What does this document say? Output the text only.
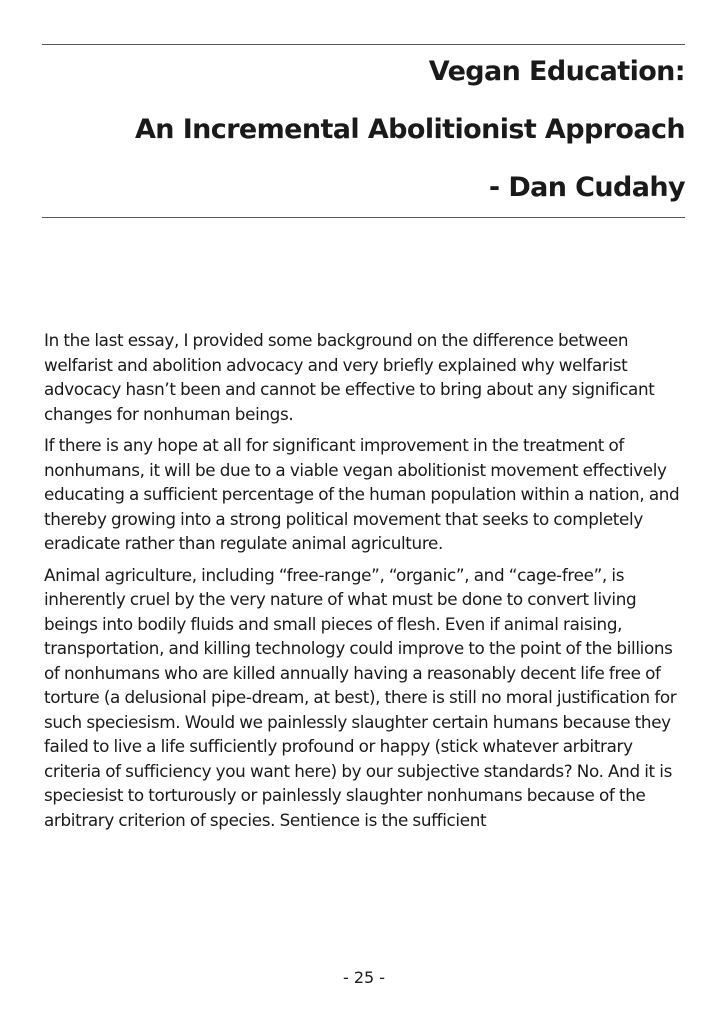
Vegan Education:
An Incremental Abolitionist Approach
- Dan Cudahy

In the last essay, I provided some background on the difference between welfarist and abolition advocacy and very briefly explained why welfarist advocacy hasn’t been and cannot be effective to bring about any significant changes for nonhuman beings.

If there is any hope at all for significant improvement in the treatment of nonhumans, it will be due to a viable vegan abolitionist movement effectively educating a sufficient percentage of the human population within a nation, and thereby growing into a strong political movement that seeks to completely eradicate rather than regulate animal agriculture.

Animal agriculture, including “free-range”, “organic”, and “cage-free”, is inherently cruel by the very nature of what must be done to convert living beings into bodily fluids and small pieces of flesh. Even if animal raising, transportation, and killing technology could improve to the point of the billions of nonhumans who are killed annually having a reasonably decent life free of torture (a delusional pipe-dream, at best), there is still no moral justification for such speciesism. Would we painlessly slaughter certain humans because they failed to live a life sufficiently profound or happy (stick whatever arbitrary criteria of sufficiency you want here) by our subjective standards? No. And it is speciesist to torturously or painlessly slaughter nonhumans because of the arbitrary criterion of species. Sentience is the sufficient

- 25 -
